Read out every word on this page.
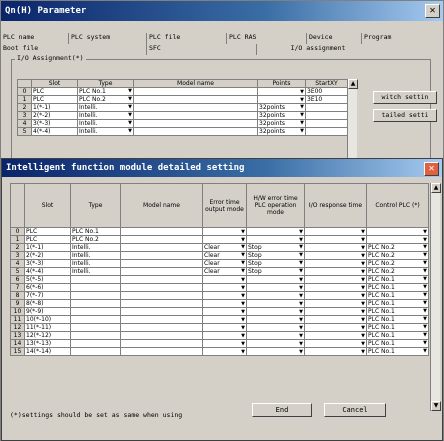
Qn(H) Parameter	✕
PLC name	PLC system	PLC file	PLC RAS	Device	Program
Boot file	SFC	I/O assignment
I/O Assignment(*)
	Slot	Type	Model name	Points	StartXY
0	PLC	PLC No.1 ▼		▼	3E00
1	PLC	PLC No.2 ▼		▼	3E10
2	1(*-1)	Intelli. ▼		32points ▼	

3	2(*-2)	Intelli. ▼		32points ▼	

4	3(*-3)	Intelli. ▼		32points ▼	

5	4(*-4)	Intelli. ▼		32points ▼	

▲
witch settin
tailed setti
Intelligent function module detailed setting	✕
	Slot	Type	Model name	Error time output mode	H/W error time PLC operation mode	I/O response time	Control PLC (*)
0	PLC	PLC No.1		▼	▼	▼	▼

1	PLC	PLC No.2		▼	▼	▼	▼

2	1(*-1)	Intelli.		Clear ▼	Stop ▼	▼	PLC No.2 ▼

3	2(*-2)	Intelli.		Clear ▼	Stop ▼	▼	PLC No.2 ▼

4	3(*-3)	Intelli.		Clear ▼	Stop ▼	▼	PLC No.2 ▼

5	4(*-4)	Intelli.		Clear ▼	Stop ▼	▼	PLC No.2 ▼

6	5(*-5)			▼	▼	▼	PLC No.1 ▼

7	6(*-6)			▼	▼	▼	PLC No.1 ▼

8	7(*-7)			▼	▼	▼	PLC No.1 ▼

9	8(*-8)			▼	▼	▼	PLC No.1 ▼

10	9(*-9)			▼	▼	▼	PLC No.1 ▼

11	10(*-10)			▼	▼	▼	PLC No.1 ▼

12	11(*-11)			▼	▼	▼	PLC No.1 ▼

13	12(*-12)			▼	▼	▼	PLC No.1 ▼

14	13(*-13)			▼	▼	▼	PLC No.1 ▼

15	14(*-14)			▼	▼	▼	PLC No.1 ▼
▲
▼
(*)settings should be set as same when using
End	Cancel
